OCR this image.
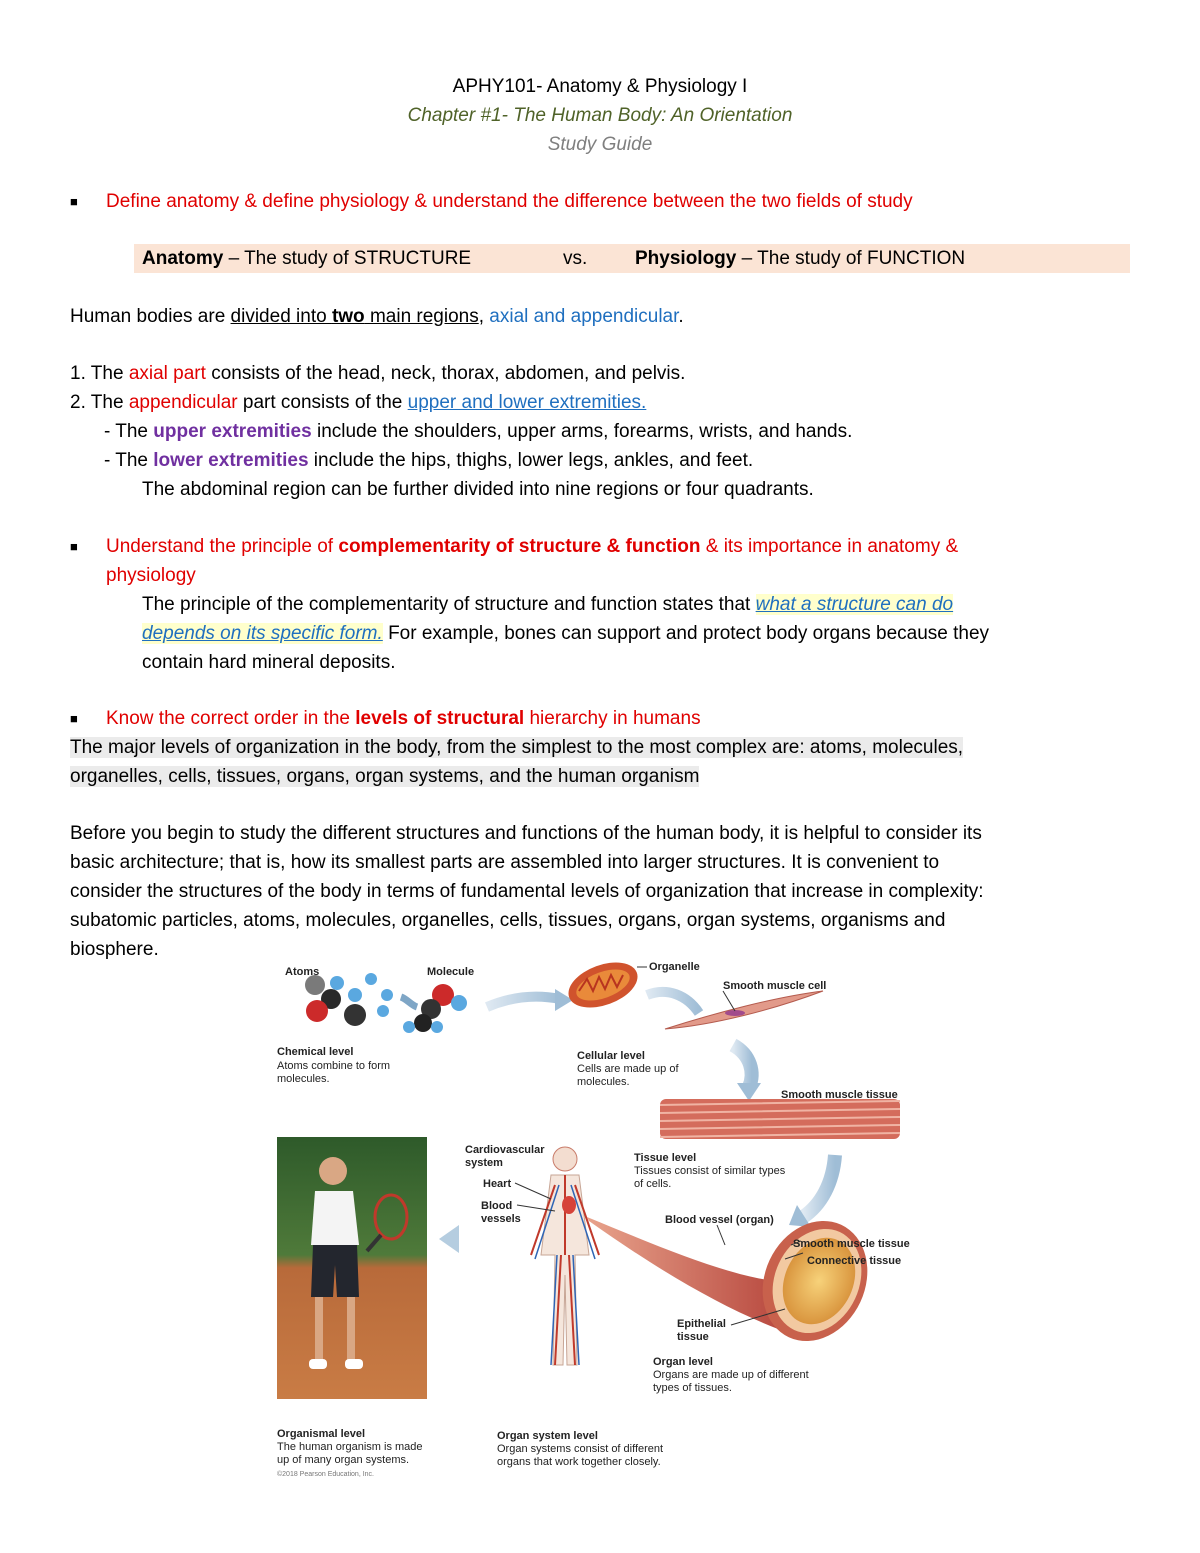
APHY101- Anatomy & Physiology I
Chapter #1- The Human Body: An Orientation
Study Guide
■ Define anatomy & define physiology & understand the difference between the two fields of study
Anatomy – The study of STRUCTURE	vs.	Physiology – The study of FUNCTION
Human bodies are divided into two main regions, axial and appendicular.
1. The axial part consists of the head, neck, thorax, abdomen, and pelvis.
2. The appendicular part consists of the upper and lower extremities.
- The upper extremities include the shoulders, upper arms, forearms, wrists, and hands.
- The lower extremities include the hips, thighs, lower legs, ankles, and feet.
The abdominal region can be further divided into nine regions or four quadrants.
■ Understand the principle of complementarity of structure & function & its importance in anatomy &
physiology
The principle of the complementarity of structure and function states that what a structure can do
depends on its specific form. For example, bones can support and protect body organs because they
contain hard mineral deposits.
■ Know the correct order in the levels of structural hierarchy in humans
The major levels of organization in the body, from the simplest to the most complex are: atoms, molecules,
organelles, cells, tissues, organs, organ systems, and the human organism
Before you begin to study the different structures and functions of the human body, it is helpful to consider its
basic architecture; that is, how its smallest parts are assembled into larger structures. It is convenient to
consider the structures of the body in terms of fundamental levels of organization that increase in complexity:
subatomic particles, atoms, molecules, organelles, cells, tissues, organs, organ systems, organisms and
biosphere.
Atoms	Molecule	Organelle
Smooth muscle cell
Chemical level
Atoms combine to form
molecules.
Cellular level
Cells are made up of
molecules.
Smooth muscle tissue
Cardiovascular
system
Heart
Blood
vessels
Tissue level
Tissues consist of similar types
of cells.
Blood vessel (organ)
Smooth muscle tissue
Connective tissue
Epithelial
tissue
Organ level
Organs are made up of different
types of tissues.
Organismal level
The human organism is made
up of many organ systems.
©2018 Pearson Education, Inc.
Organ system level
Organ systems consist of different
organs that work together closely.
